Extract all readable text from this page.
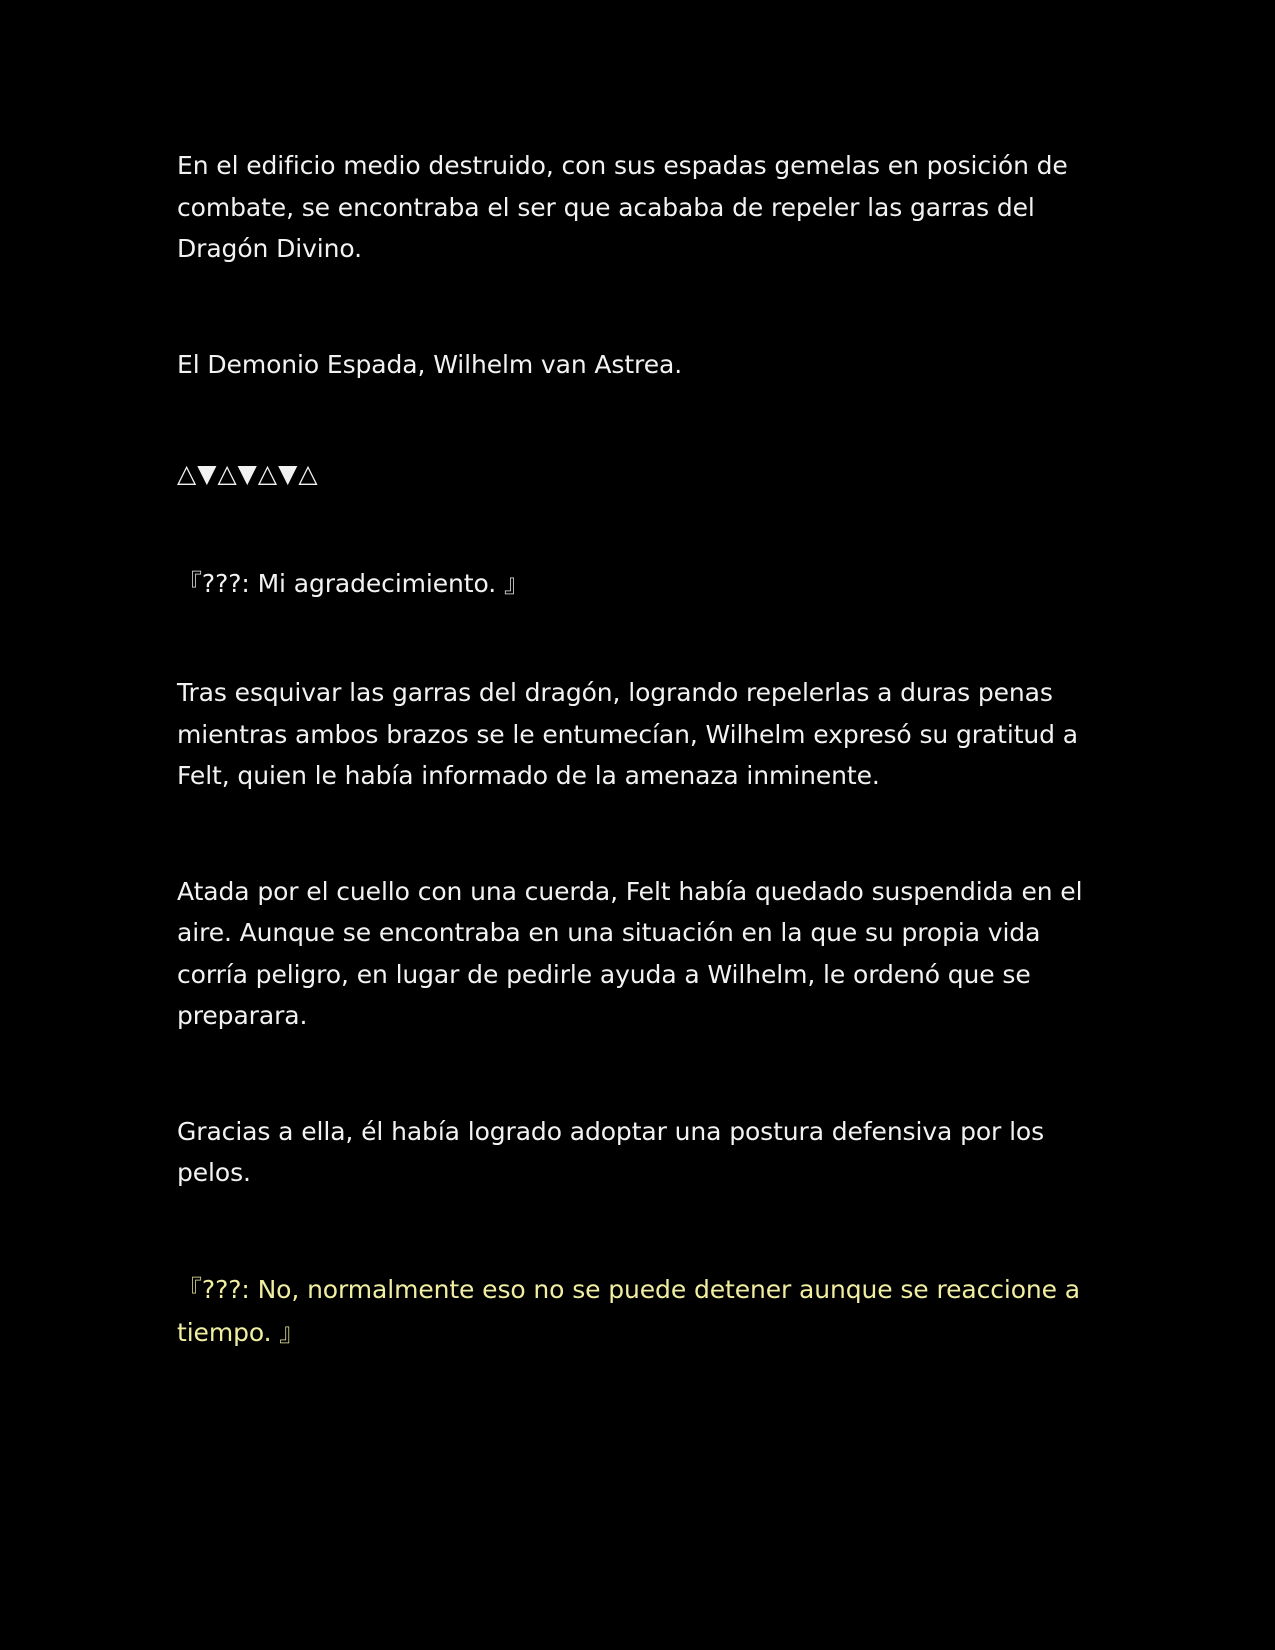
En el edificio medio destruido, con sus espadas gemelas en posición de combate, se encontraba el ser que acababa de repeler las garras del Dragón Divino.

El Demonio Espada, Wilhelm van Astrea.

△▼△▼△▼△

『???: Mi agradecimiento. 』

Tras esquivar las garras del dragón, logrando repelerlas a duras penas mientras ambos brazos se le entumecían, Wilhelm expresó su gratitud a Felt, quien le había informado de la amenaza inminente.

Atada por el cuello con una cuerda, Felt había quedado suspendida en el aire. Aunque se encontraba en una situación en la que su propia vida corría peligro, en lugar de pedirle ayuda a Wilhelm, le ordenó que se preparara.

Gracias a ella, él había logrado adoptar una postura defensiva por los pelos.

『???: No, normalmente eso no se puede detener aunque se reaccione a tiempo. 』
